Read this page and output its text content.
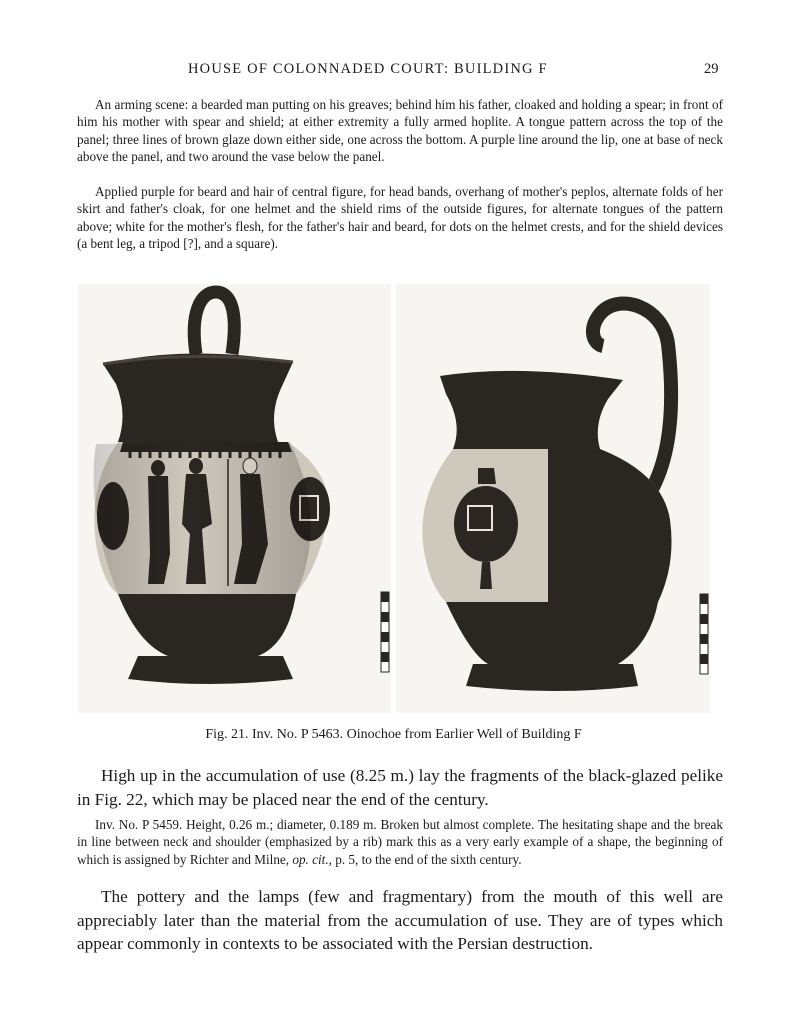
HOUSE OF COLONNADED COURT: BUILDING F	29

An arming scene: a bearded man putting on his greaves; behind him his father, cloaked and holding a spear; in front of him his mother with spear and shield; at either extremity a fully armed hoplite. A tongue pattern across the top of the panel; three lines of brown glaze down either side, one across the bottom. A purple line around the lip, one at base of neck above the panel, and two around the vase below the panel.

Applied purple for beard and hair of central figure, for head bands, overhang of mother's peplos, alternate folds of her skirt and father's cloak, for one helmet and the shield rims of the outside figures, for alternate tongues of the pattern above; white for the mother's flesh, for the father's hair and beard, for dots on the helmet crests, and for the shield devices (a bent leg, a tripod [?], and a square).

Fig. 21. Inv. No. P 5463. Oinochoe from Earlier Well of Building F

High up in the accumulation of use (8.25 m.) lay the fragments of the black-glazed pelike in Fig. 22, which may be placed near the end of the century.

Inv. No. P 5459. Height, 0.26 m.; diameter, 0.189 m. Broken but almost complete. The hesitating shape and the break in line between neck and shoulder (emphasized by a rib) mark this as a very early example of a shape, the beginning of which is assigned by Richter and Milne, op. cit., p. 5, to the end of the sixth century.

The pottery and the lamps (few and fragmentary) from the mouth of this well are appreciably later than the material from the accumulation of use. They are of types which appear commonly in contexts to be associated with the Persian destruction.
